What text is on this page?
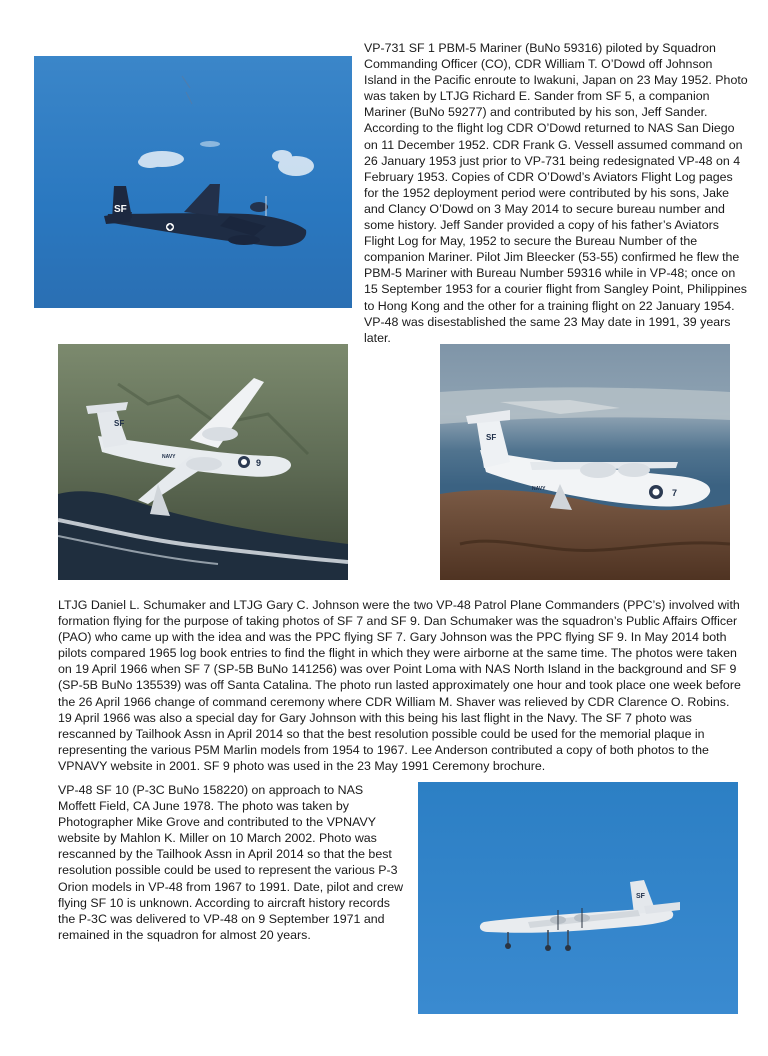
SF

VP-731 SF 1 PBM-5 Mariner (BuNo 59316) piloted by Squadron Commanding Officer (CO), CDR William T. O’Dowd off Johnson Island in the Pacific enroute to Iwakuni, Japan on 23 May 1952. Photo was taken by LTJG Richard E. Sander from SF 5, a companion Mariner (BuNo 59277) and contributed by his son, Jeff Sander. According to the flight log CDR O’Dowd returned to NAS San Diego on 11 December 1952. CDR Frank G. Vessell assumed command on 26 January 1953 just prior to VP-731 being redesignated VP-48 on 4 February 1953. Copies of CDR O’Dowd’s Aviators Flight Log pages for the 1952 deployment period were contributed by his sons, Jake and Clancy O’Dowd on 3 May 2014 to secure bureau number and some history. Jeff Sander provided a copy of his father’s Aviators Flight Log for May, 1952 to secure the Bureau Number of the companion Mariner. Pilot Jim Bleecker (53-55) confirmed he flew the PBM-5 Mariner with Bureau Number 59316 while in VP-48; once on 15 September 1953 for a courier flight from Sangley Point, Philippines to Hong Kong and the other for a training flight on 22 January 1954. VP-48 was disestablished the same 23 May date in 1991, 39 years later.

SF
NAVY
9
SF
NAVY	7

LTJG Daniel L. Schumaker and LTJG Gary C. Johnson were the two VP-48 Patrol Plane Commanders (PPC’s) involved with formation flying for the purpose of taking photos of SF 7 and SF 9. Dan Schumaker was the squadron’s Public Affairs Officer (PAO) who came up with the idea and was the PPC flying SF 7. Gary Johnson was the PPC flying SF 9. In May 2014 both pilots compared 1965 log book entries to find the flight in which they were airborne at the same time. The photos were taken on 19 April 1966 when SF 7 (SP-5B BuNo 141256) was over Point Loma with NAS North Island in the background and SF 9 (SP-5B BuNo 135539) was off Santa Catalina. The photo run lasted approximately one hour and took place one week before the 26 April 1966 change of command ceremony where CDR William M. Shaver was relieved by CDR Clarence O. Robins. 19 April 1966 was also a special day for Gary Johnson with this being his last flight in the Navy. The SF 7 photo was rescanned by Tailhook Assn in April 2014 so that the best resolution possible could be used for the memorial plaque in representing the various P5M Marlin models from 1954 to 1967. Lee Anderson contributed a copy of both photos to the VPNAVY website in 2001. SF 9 photo was used in the 23 May 1991 Ceremony brochure.

VP-48 SF 10 (P-3C BuNo 158220) on approach to NAS Moffett Field, CA June 1978. The photo was taken by Photographer Mike Grove and contributed to the VPNAVY website by Mahlon K. Miller on 10 March 2002. Photo was rescanned by the Tailhook Assn in April 2014 so that the best resolution possible could be used to represent the various P-3 Orion models in VP-48 from 1967 to 1991. Date, pilot and crew flying SF 10 is unknown. According to aircraft history records the P-3C was delivered to VP-48 on 9 September 1971 and remained in the squadron for almost 20 years.

SF
